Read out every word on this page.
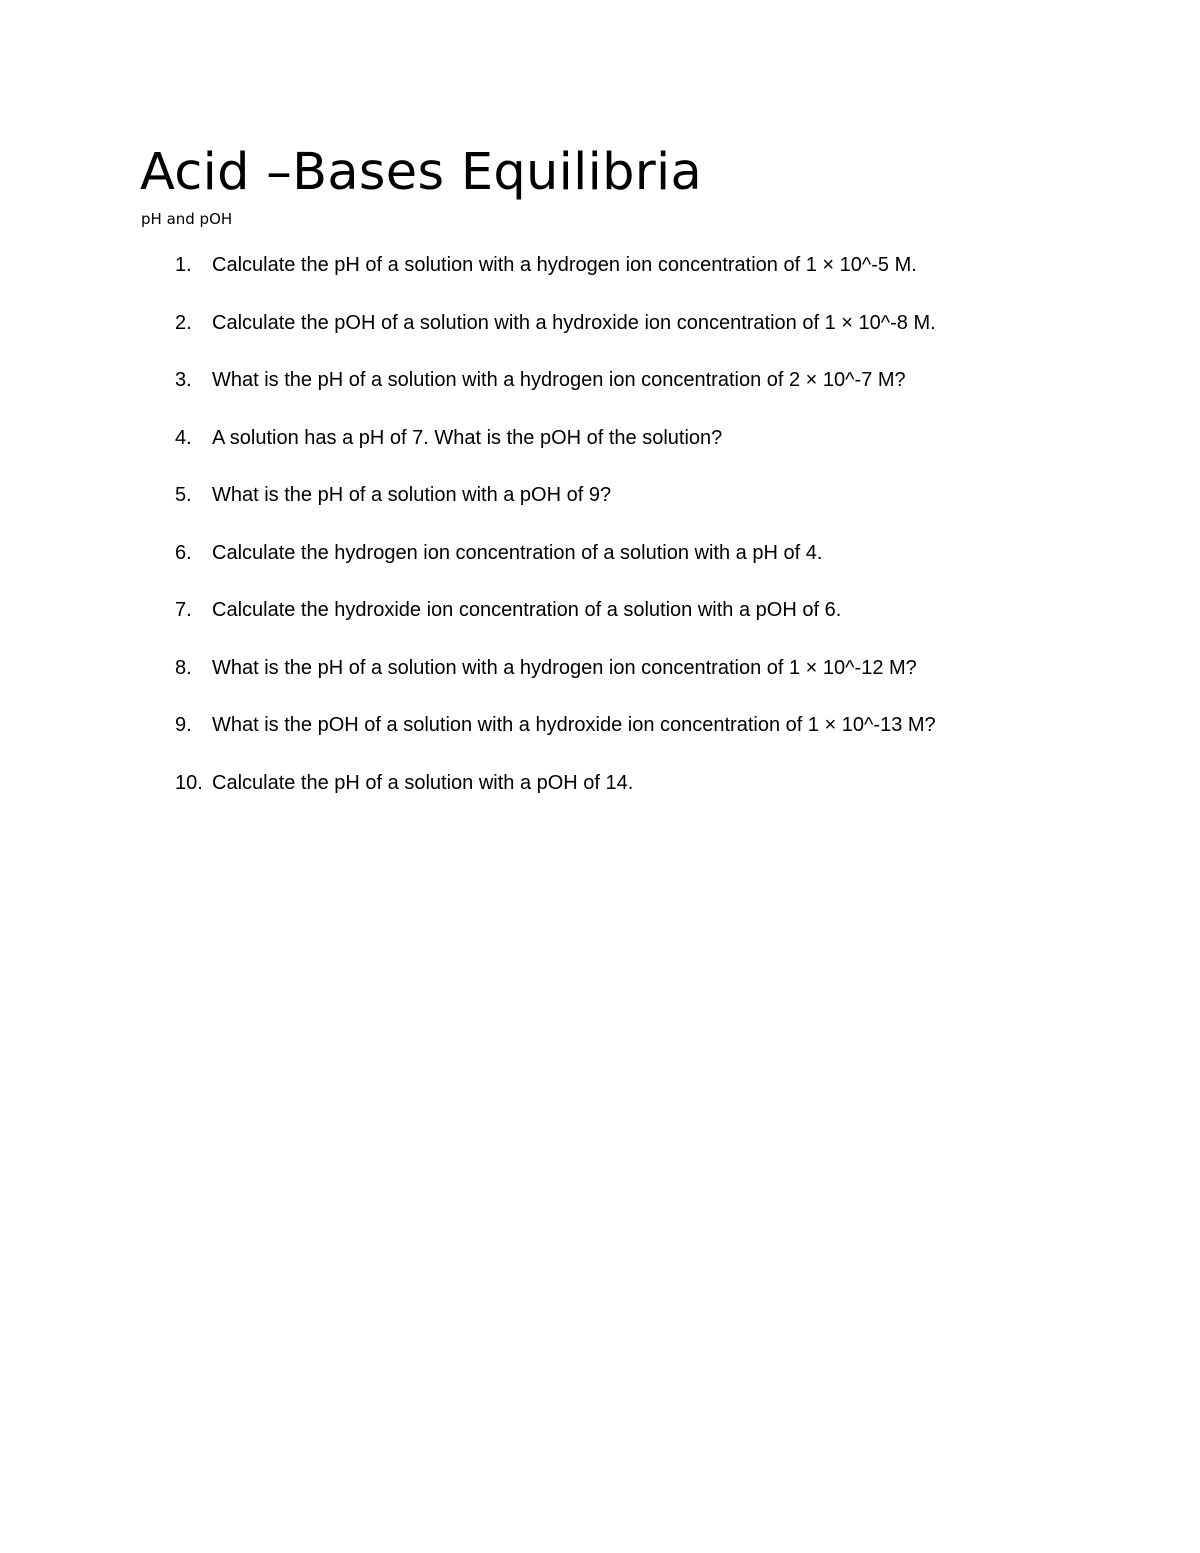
Acid –Bases Equilibria

pH and pOH

1. Calculate the pH of a solution with a hydrogen ion concentration of 1 × 10^-5 M.
2. Calculate the pOH of a solution with a hydroxide ion concentration of 1 × 10^-8 M.
3. What is the pH of a solution with a hydrogen ion concentration of 2 × 10^-7 M?
4. A solution has a pH of 7. What is the pOH of the solution?
5. What is the pH of a solution with a pOH of 9?
6. Calculate the hydrogen ion concentration of a solution with a pH of 4.
7. Calculate the hydroxide ion concentration of a solution with a pOH of 6.
8. What is the pH of a solution with a hydrogen ion concentration of 1 × 10^-12 M?
9. What is the pOH of a solution with a hydroxide ion concentration of 1 × 10^-13 M?
10. Calculate the pH of a solution with a pOH of 14.
